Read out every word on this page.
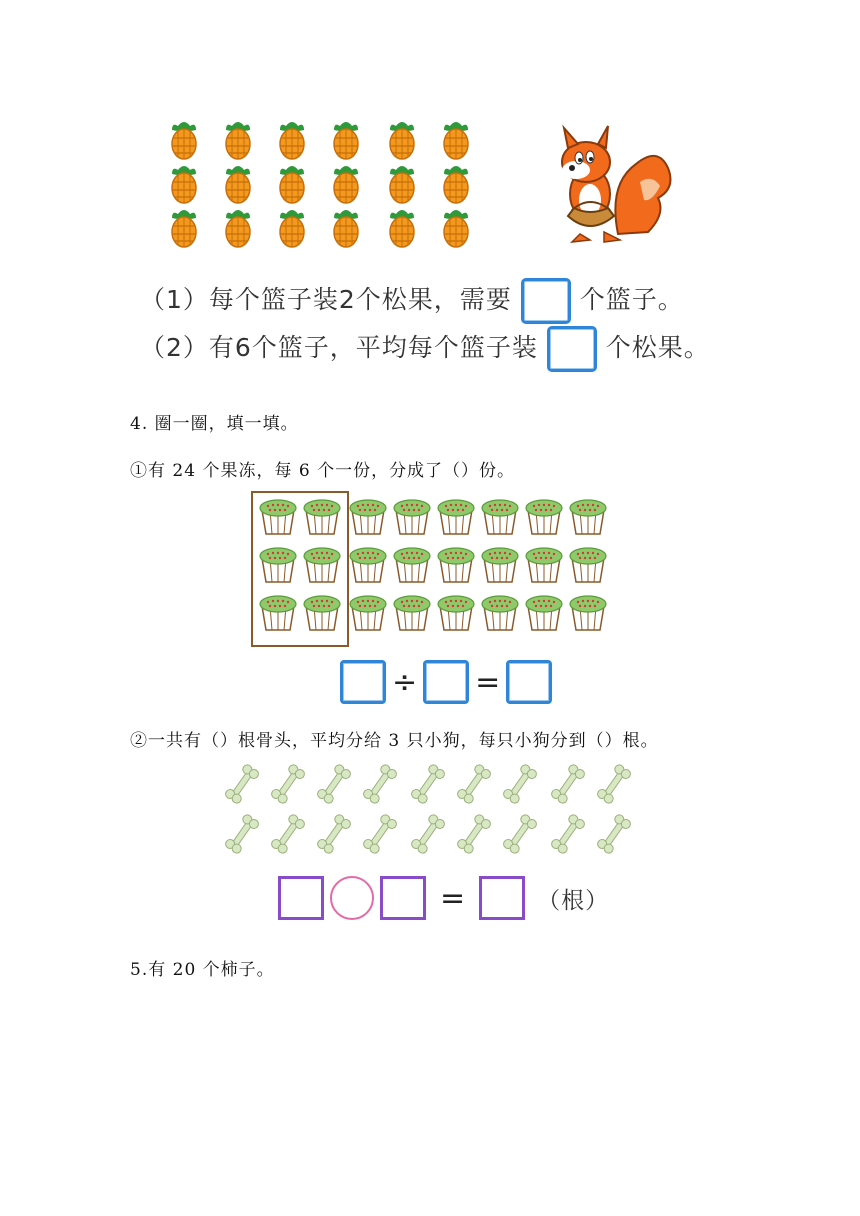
（1）每个篮子装2个松果，需要	个篮子。
（2）有6个篮子，平均每个篮子装	个松果。
4. 圈一圈，填一填。
①有 24 个果冻，每 6 个一份，分成了（）份。
÷ =
②一共有（）根骨头，平均分给 3 只小狗，每只小狗分到（）根。
=	（根）
5.有 20 个柿子。
